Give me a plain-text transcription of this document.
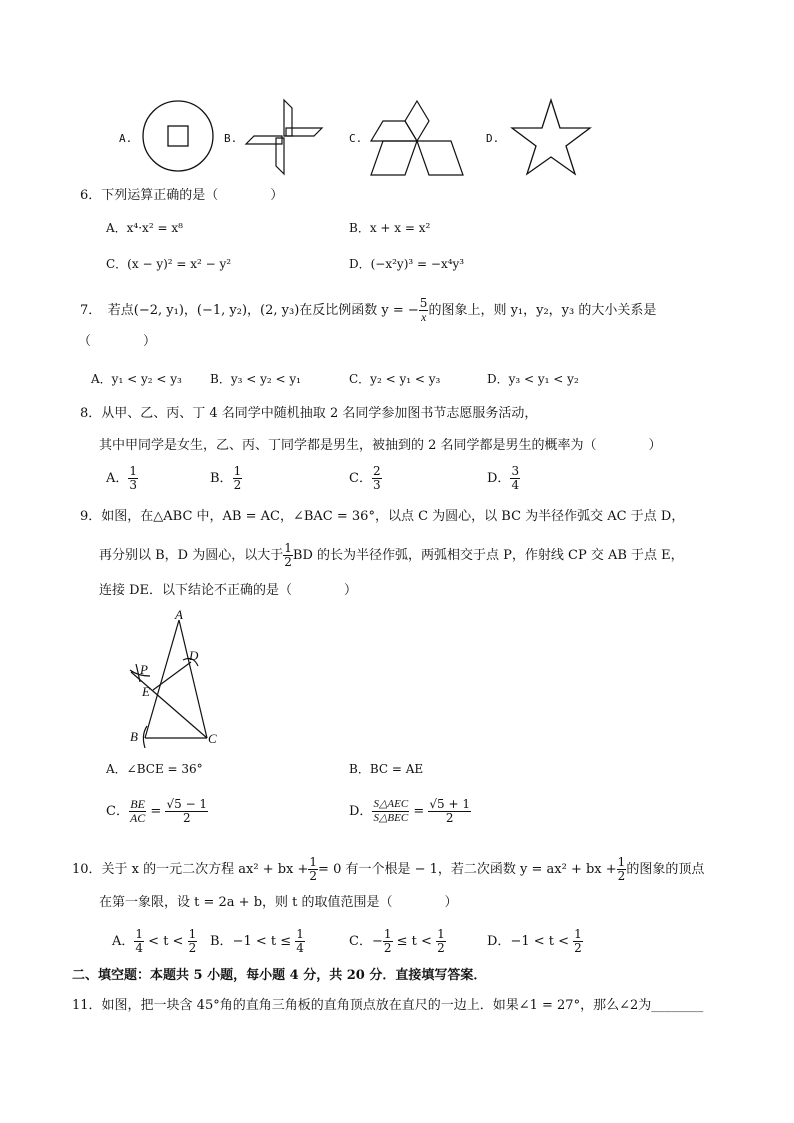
A.	B.	C.	D.
6．下列运算正确的是（　　　　）
A．x⁴·x² = x⁸	B．x + x = x²
C．(x − y)² = x² − y²	D．(−x²y)³ = −x⁴y³
7．　若点(−2, y₁)，(−1, y₂)，(2, y₃)在反比例函数 y = − $\frac{5}{x}$ 的图象上，则 y₁，y₂，y₃ 的大小关系是
（　　　　）
A．y₁ < y₂ < y₃ B．y₃ < y₂ < y₁	C．y₂ < y₁ < y₃	D．y₃ < y₁ < y₂
8．从甲、乙、丙、丁 4 名同学中随机抽取 2 名同学参加图书节志愿服务活动，
其中甲同学是女生，乙、丙、丁同学都是男生，被抽到的 2 名同学都是男生的概率为（　　　　）
A． $\frac{1}{3}$	B． $\frac{1}{2}$	C． $\frac{2}{3}$	D． $\frac{3}{4}$
9．如图，在△ABC 中，AB = AC，∠BAC = 36°，以点 C 为圆心，以 BC 为半径作弧交 AC 于点 D，
再分别以 B，D 为圆心，以大于 $\frac{1}{2}$ BD 的长为半径作弧，两弧相交于点 P，作射线 CP 交 AB 于点 E，
连接 DE．以下结论不正确的是（　　　　）
A
B	C
D
E
P
A．∠BCE = 36°	B．BC = AE
C． $\frac{BE}{AC} = \frac{√5 - 1}{2}$	D． $\frac{\text{S△AEC}}{\text{S△BEC}} = \frac{√5 + 1}{2}$
10．关于 x 的一元二次方程 ax² + bx + $\frac{1}{2} = 0$ 有一个根是 − 1，若二次函数 y = ax² + bx + $\frac{1}{2}$ 的图象的顶点
在第一象限，设 t = 2a + b，则 t 的取值范围是（　　　　）
A． $\frac{1}{4} < t < \frac{1}{2}$ B．$-1 < t \le \frac{1}{4}$	C．− $\frac{1}{2} \le t < \frac{1}{2}$	D．$-1 < t < \frac{1}{2}$
二、填空题：本题共 5 小题，每小题 4 分，共 20 分．直接填写答案．
11．如图，把一块含 45°角的直角三角板的直角顶点放在直尺的一边上．如果∠1 = 27°，那么∠2为________
